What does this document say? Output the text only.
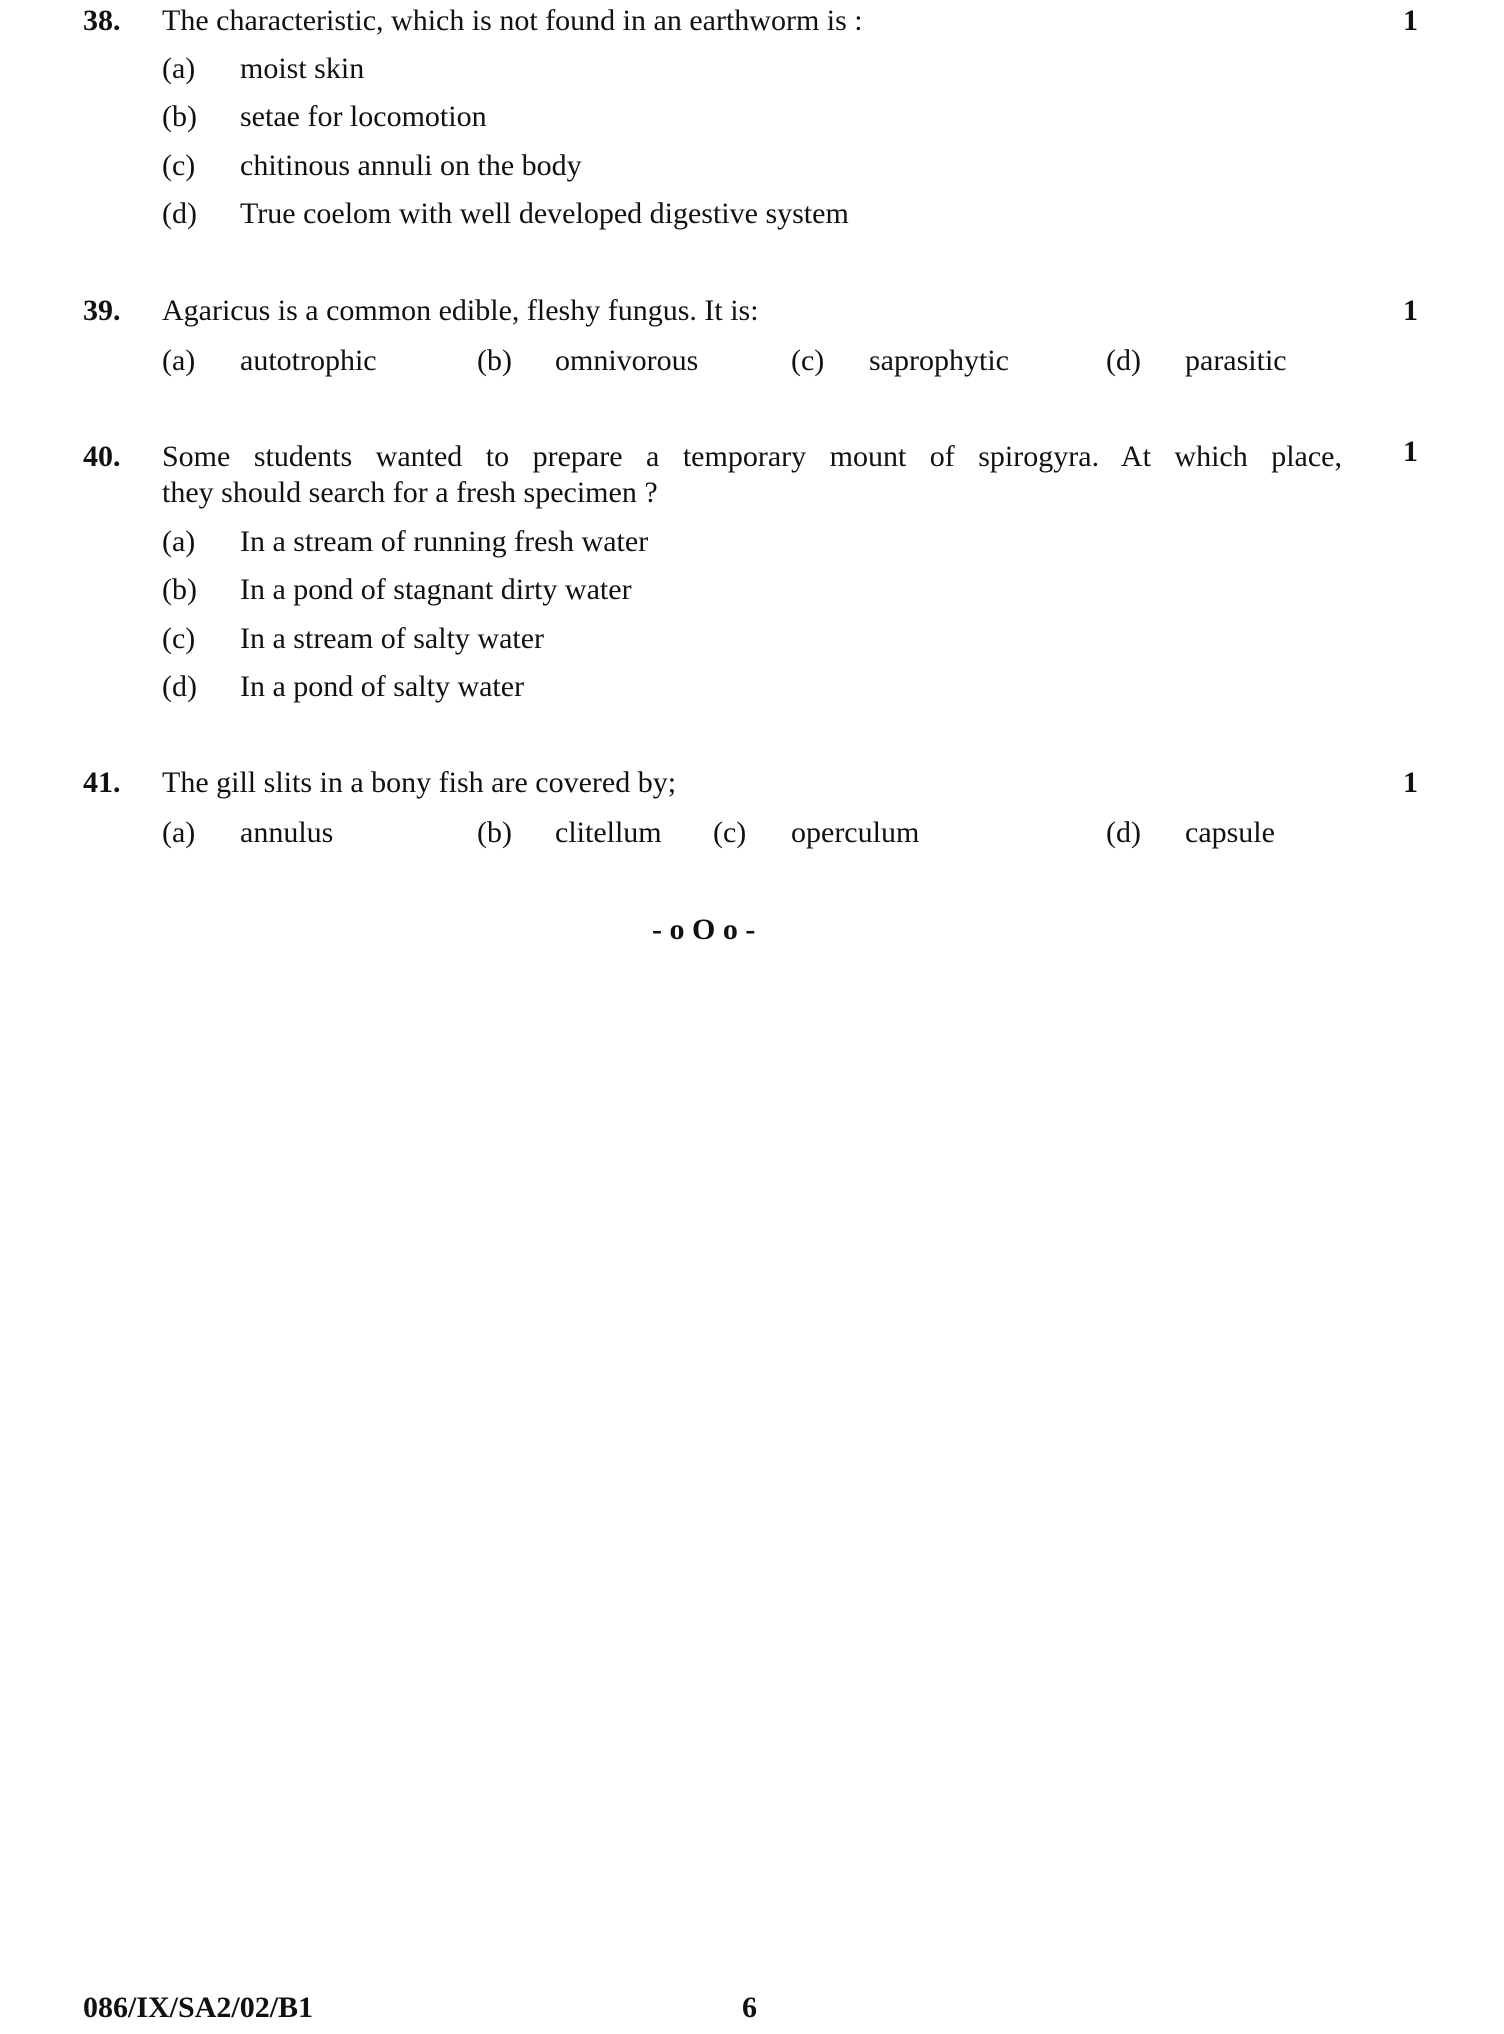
38. The characteristic, which is not found in an earthworm is :	1
(a) moist skin
(b) setae for locomotion
(c) chitinous annuli on the body
(d) True coelom with well developed digestive system
39. Agaricus is a common edible, fleshy fungus. It is:	1
(a) autotrophic	(b) omnivorous	(c) saprophytic	(d) parasitic
40. Some students wanted to prepare a temporary mount of spirogyra. At which place,
they should search for a fresh specimen ?
1
(a) In a stream of running fresh water
(b) In a pond of stagnant dirty water
(c) In a stream of salty water
(d) In a pond of salty water
41. The gill slits in a bony fish are covered by;	1
(a) annulus	(b) clitellum (c) operculum	(d) capsule
- o O o -
086/IX/SA2/02/B1	6
